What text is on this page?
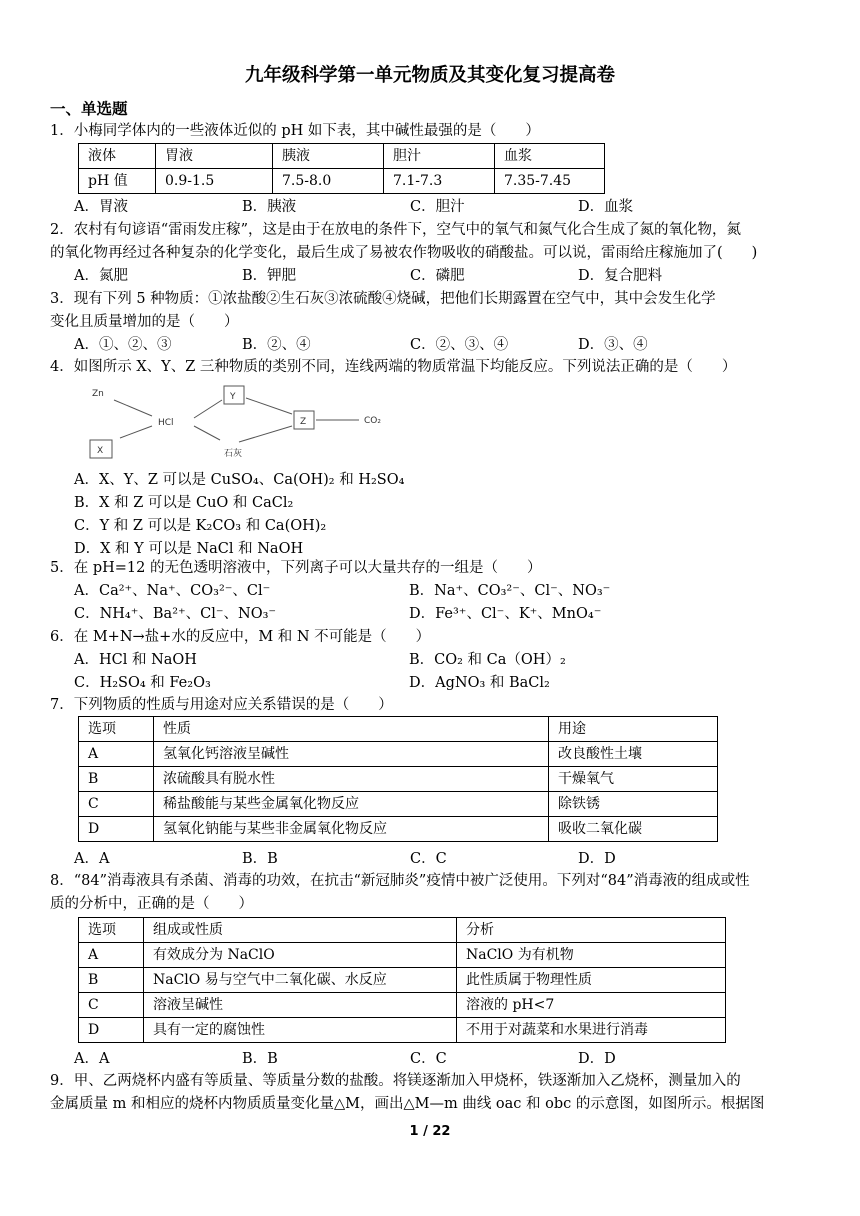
九年级科学第一单元物质及其变化复习提高卷
一、单选题
1．小梅同学体内的一些液体近似的 pH 如下表，其中碱性最强的是（　　）
液体	胃液	胰液	胆汁	血浆
pH 值	0.9-1.5	7.5-8.0	7.1-7.3	7.35-7.45
A．胃液	B．胰液	C．胆汁	D．血浆
2．农村有句谚语“雷雨发庄稼”，这是由于在放电的条件下，空气中的氧气和氮气化合生成了氮的氧化物，氮
的氧化物再经过各种复杂的化学变化，最后生成了易被农作物吸收的硝酸盐。可以说，雷雨给庄稼施加了(　　)
A．氮肥	B．钾肥	C．磷肥	D．复合肥料
3．现有下列 5 种物质：①浓盐酸②生石灰③浓硫酸④烧碱，把他们长期露置在空气中，其中会发生化学
变化且质量增加的是（　　）
A．①、②、③	B．②、④	C．②、③、④	D．③、④
4．如图所示 X、Y、Z 三种物质的类别不同，连线两端的物质常温下均能反应。下列说法正确的是（　　）
Zn
HCl
Y
Z
X
CO₂
石灰
A．X、Y、Z 可以是 CuSO₄、Ca(OH)₂ 和 H₂SO₄
B．X 和 Z 可以是 CuO 和 CaCl₂
C．Y 和 Z 可以是 K₂CO₃ 和 Ca(OH)₂
D．X 和 Y 可以是 NaCl 和 NaOH
5．在 pH=12 的无色透明溶液中，下列离子可以大量共存的一组是（　　）
A．Ca²⁺、Na⁺、CO₃²⁻、Cl⁻	B．Na⁺、CO₃²⁻、Cl⁻、NO₃⁻
C．NH₄⁺、Ba²⁺、Cl⁻、NO₃⁻	D．Fe³⁺、Cl⁻、K⁺、MnO₄⁻
6．在 M+N→盐+水的反应中，M 和 N 不可能是（　　）
A．HCl 和 NaOH	B．CO₂ 和 Ca（OH）₂
C．H₂SO₄ 和 Fe₂O₃	D．AgNO₃ 和 BaCl₂
7．下列物质的性质与用途对应关系错误的是（　　）
选项	性质	用途
A	氢氧化钙溶液呈碱性	改良酸性土壤
B	浓硫酸具有脱水性	干燥氧气
C	稀盐酸能与某些金属氧化物反应	除铁锈
D	氢氧化钠能与某些非金属氧化物反应	吸收二氧化碳
A．A	B．B	C．C	D．D
8．“84”消毒液具有杀菌、消毒的功效，在抗击“新冠肺炎”疫情中被广泛使用。下列对“84”消毒液的组成或性
质的分析中，正确的是（　　）
选项	组成或性质	分析
A	有效成分为 NaClO	NaClO 为有机物
B	NaClO 易与空气中二氧化碳、水反应	此性质属于物理性质
C	溶液呈碱性	溶液的 pH<7
D	具有一定的腐蚀性	不用于对蔬菜和水果进行消毒
A．A	B．B	C．C	D．D
9．甲、乙两烧杯内盛有等质量、等质量分数的盐酸。将镁逐渐加入甲烧杯，铁逐渐加入乙烧杯，测量加入的
金属质量 m 和相应的烧杯内物质质量变化量△M，画出△M—m 曲线 oac 和 obc 的示意图，如图所示。根据图
1 / 22
